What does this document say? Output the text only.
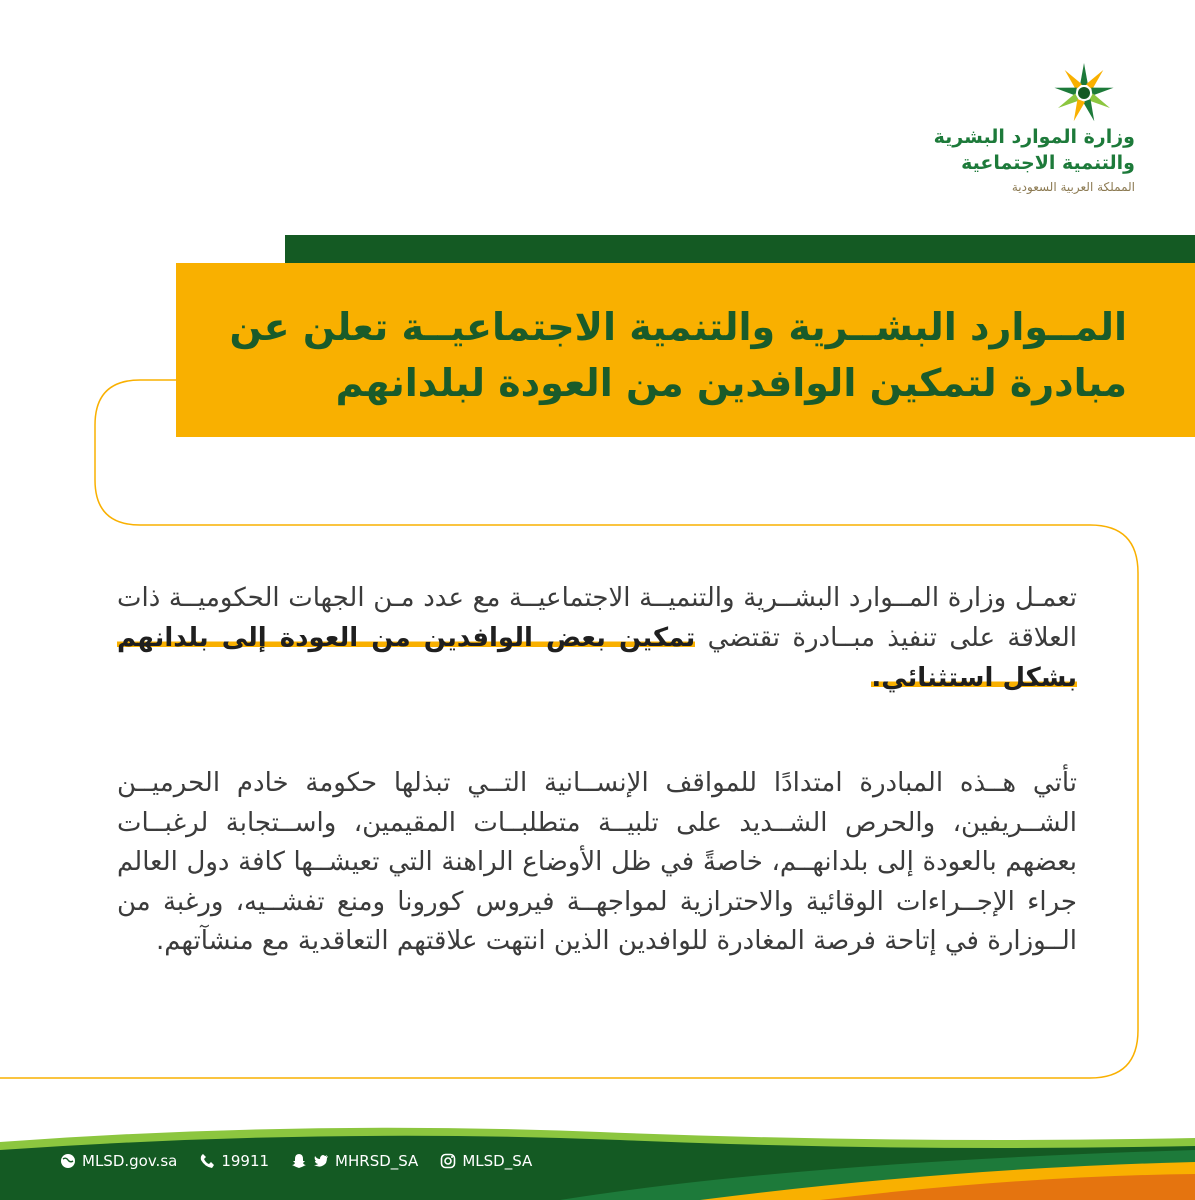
وزارة الموارد البشرية
والتنمية الاجتماعية
المملكة العربية السعودية
المــوارد البشــرية والتنمية الاجتماعيــة تعلن عن
مبادرة لتمكين الوافدين من العودة لبلدانهم

تعمـل وزارة المــوارد البشــرية والتنميــة الاجتماعيــة مع عدد مـن الجهات الحكوميــة ذات العلاقة على تنفيذ مبــادرة تقتضي تمكين بعض الوافدين من العودة إلى بلدانهم بشكل استثنائي.

تأتي هــذه المبادرة امتدادًا للمواقف الإنســانية التــي تبذلها حكومة خادم الحرميــن الشــريفين، والحرص الشــديد على تلبيــة متطلبــات المقيمين، واســتجابة لرغبــات بعضهم بالعودة إلى بلدانهــم، خاصةً في ظل الأوضاع الراهنة التي تعيشــها كافة دول العالم جراء الإجــراءات الوقائية والاحترازية لمواجهــة فيروس كورونا ومنع تفشــيه، ورغبة من الــوزارة في إتاحة فرصة المغادرة للوافدين الذين انتهت علاقتهم التعاقدية مع منشآتهم.

MLSD.gov.sa	19911	MHRSD_SA	MLSD_SA
